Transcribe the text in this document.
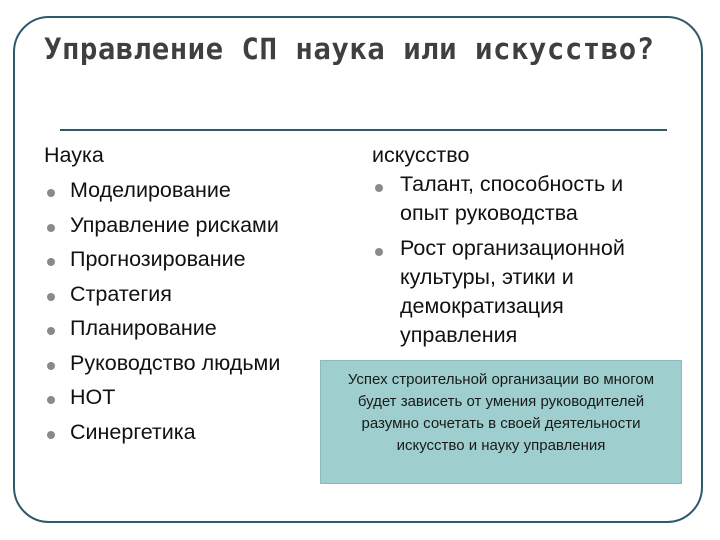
Управление СП наука или искусство?
Наука
Моделирование
Управление рисками
Прогнозирование
Стратегия
Планирование
Руководство людьми
НОТ
Синергетика
искусство
Талант, способность и опыт руководства
Рост организационной культуры, этики и демократизация управления
Успех строительной организации во многом будет зависеть от умения руководителей разумно сочетать в своей деятельности искусство и науку управления
